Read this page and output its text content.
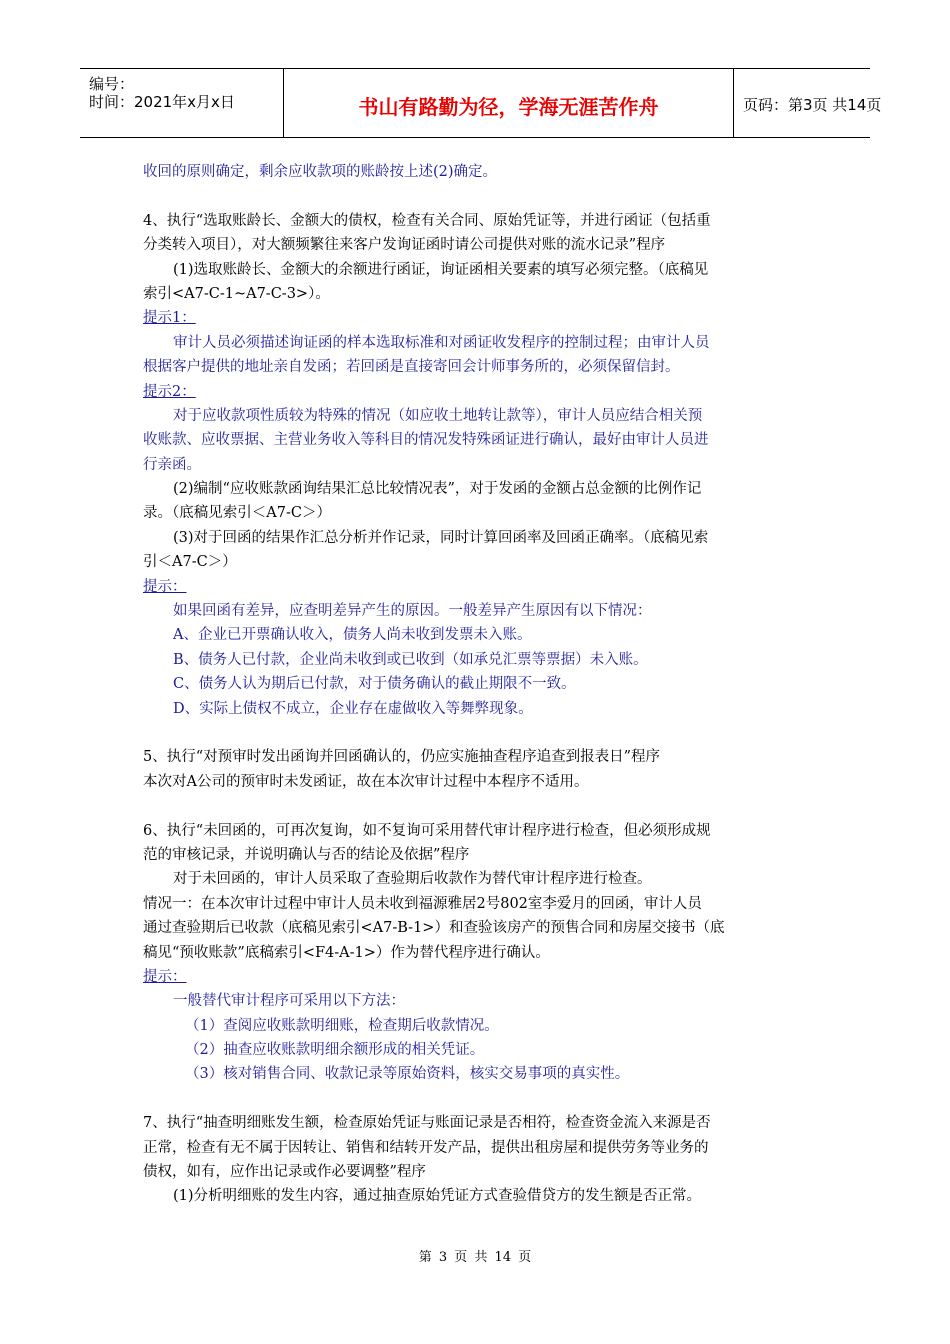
编号：
时间：2021年x月x日	书山有路勤为径，学海无涯苦作舟	页码：第3页 共14页
收回的原则确定，剩余应收款项的账龄按上述(2)确定。
4、执行“选取账龄长、金额大的债权，检查有关合同、原始凭证等，并进行函证（包括重
分类转入项目），对大额频繁往来客户发询证函时请公司提供对账的流水记录”程序
(1)选取账龄长、金额大的余额进行函证，询证函相关要素的填写必须完整。（底稿见
索引<A7-C-1~A7-C-3>）。
提示1：
审计人员必须描述询证函的样本选取标准和对函证收发程序的控制过程；由审计人员
根据客户提供的地址亲自发函；若回函是直接寄回会计师事务所的，必须保留信封。
提示2：
对于应收款项性质较为特殊的情况（如应收土地转让款等），审计人员应结合相关预
收账款、应收票据、主营业务收入等科目的情况发特殊函证进行确认，最好由审计人员进
行亲函。
(2)编制“应收账款函询结果汇总比较情况表”，对于发函的金额占总金额的比例作记
录。（底稿见索引＜A7-C＞）
(3)对于回函的结果作汇总分析并作记录，同时计算回函率及回函正确率。（底稿见索
引＜A7-C＞）
提示：
如果回函有差异，应查明差异产生的原因。一般差异产生原因有以下情况：
A、企业已开票确认收入，债务人尚未收到发票未入账。
B、债务人已付款，企业尚未收到或已收到（如承兑汇票等票据）未入账。
C、债务人认为期后已付款，对于债务确认的截止期限不一致。
D、实际上债权不成立，企业存在虚做收入等舞弊现象。
5、执行“对预审时发出函询并回函确认的，仍应实施抽查程序追查到报表日”程序
本次对A公司的预审时未发函证，故在本次审计过程中本程序不适用。
6、执行“未回函的，可再次复询，如不复询可采用替代审计程序进行检查，但必须形成规
范的审核记录，并说明确认与否的结论及依据”程序
对于未回函的，审计人员采取了查验期后收款作为替代审计程序进行检查。
情况一：在本次审计过程中审计人员未收到福源雅居2号802室李爱月的回函，审计人员
通过查验期后已收款（底稿见索引<A7-B-1>）和查验该房产的预售合同和房屋交接书（底
稿见“预收账款”底稿索引<F4-A-1>）作为替代程序进行确认。
提示：
一般替代审计程序可采用以下方法：
（1）查阅应收账款明细账，检查期后收款情况。
（2）抽查应收账款明细余额形成的相关凭证。
（3）核对销售合同、收款记录等原始资料，核实交易事项的真实性。
7、执行“抽查明细账发生额，检查原始凭证与账面记录是否相符，检查资金流入来源是否
正常，检查有无不属于因转让、销售和结转开发产品，提供出租房屋和提供劳务等业务的
债权，如有，应作出记录或作必要调整”程序
(1)分析明细账的发生内容，通过抽查原始凭证方式查验借贷方的发生额是否正常。
第 3 页 共 14 页
